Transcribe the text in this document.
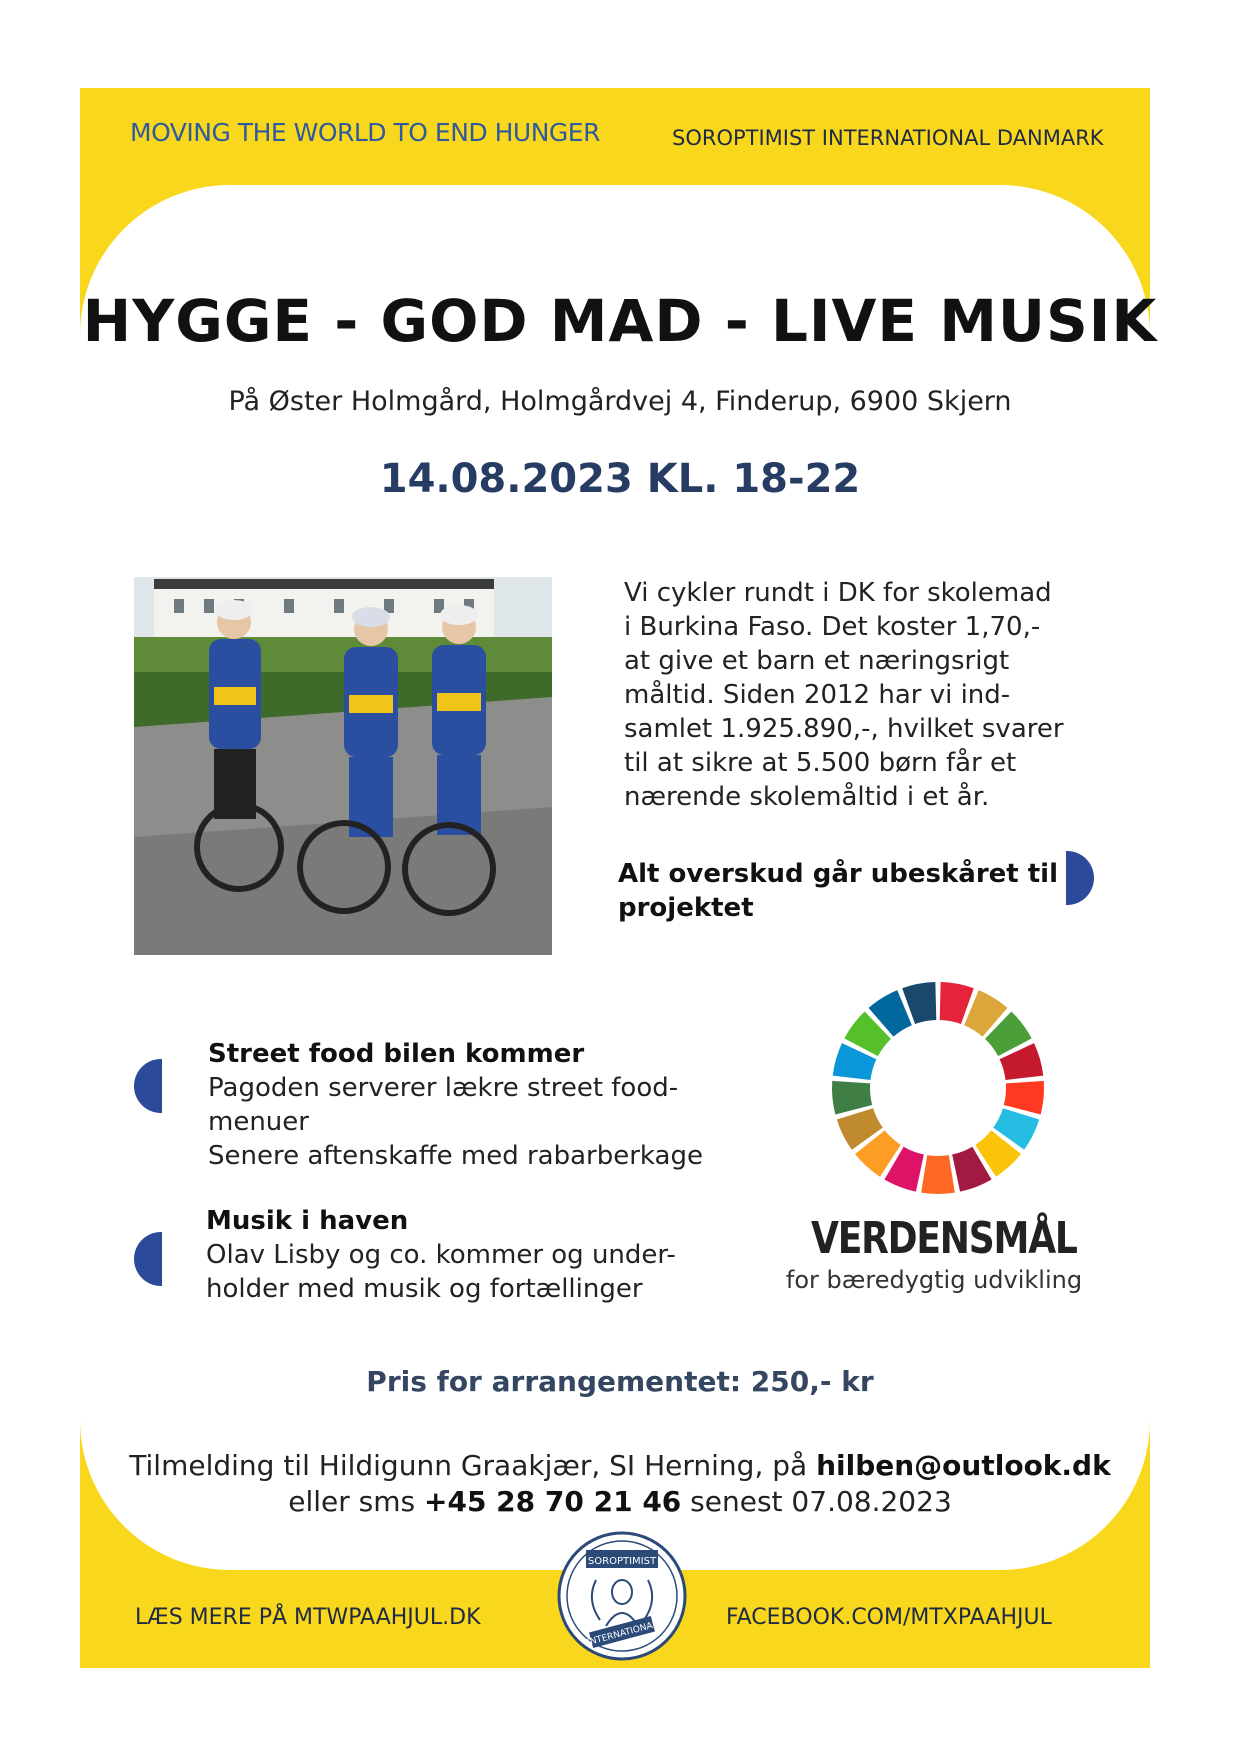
MOVING THE WORLD TO END HUNGER	SOROPTIMIST INTERNATIONAL DANMARK
HYGGE - GOD MAD - LIVE MUSIK
På Øster Holmgård, Holmgårdvej 4, Finderup, 6900 Skjern
14.08.2023 KL. 18-22
Vi cykler rundt i DK for skolemad
i Burkina Faso. Det koster 1,70,-
at give et barn et næringsrigt
måltid. Siden 2012 har vi ind-
samlet 1.925.890,-, hvilket svarer
til at sikre at 5.500 børn får et
nærende skolemåltid i et år.
Alt overskud går ubeskåret til
projektet
Street food bilen kommer
Pagoden serverer lækre street food-
menuer
Senere aftenskaffe med rabarberkage
Musik i haven
Olav Lisby og co. kommer og under-
holder med musik og fortællinger
VERDENSMÅL
for bæredygtig udvikling
Pris for arrangementet: 250,- kr
Tilmelding til Hildigunn Graakjær, SI Herning, på hilben@outlook.dk
eller sms +45 28 70 21 46 senest 07.08.2023
LÆS MERE PÅ MTWPAAHJUL.DK	FACEBOOK.COM/MTXPAAHJUL
SOROPTIMIST
INTERNATIONAL
